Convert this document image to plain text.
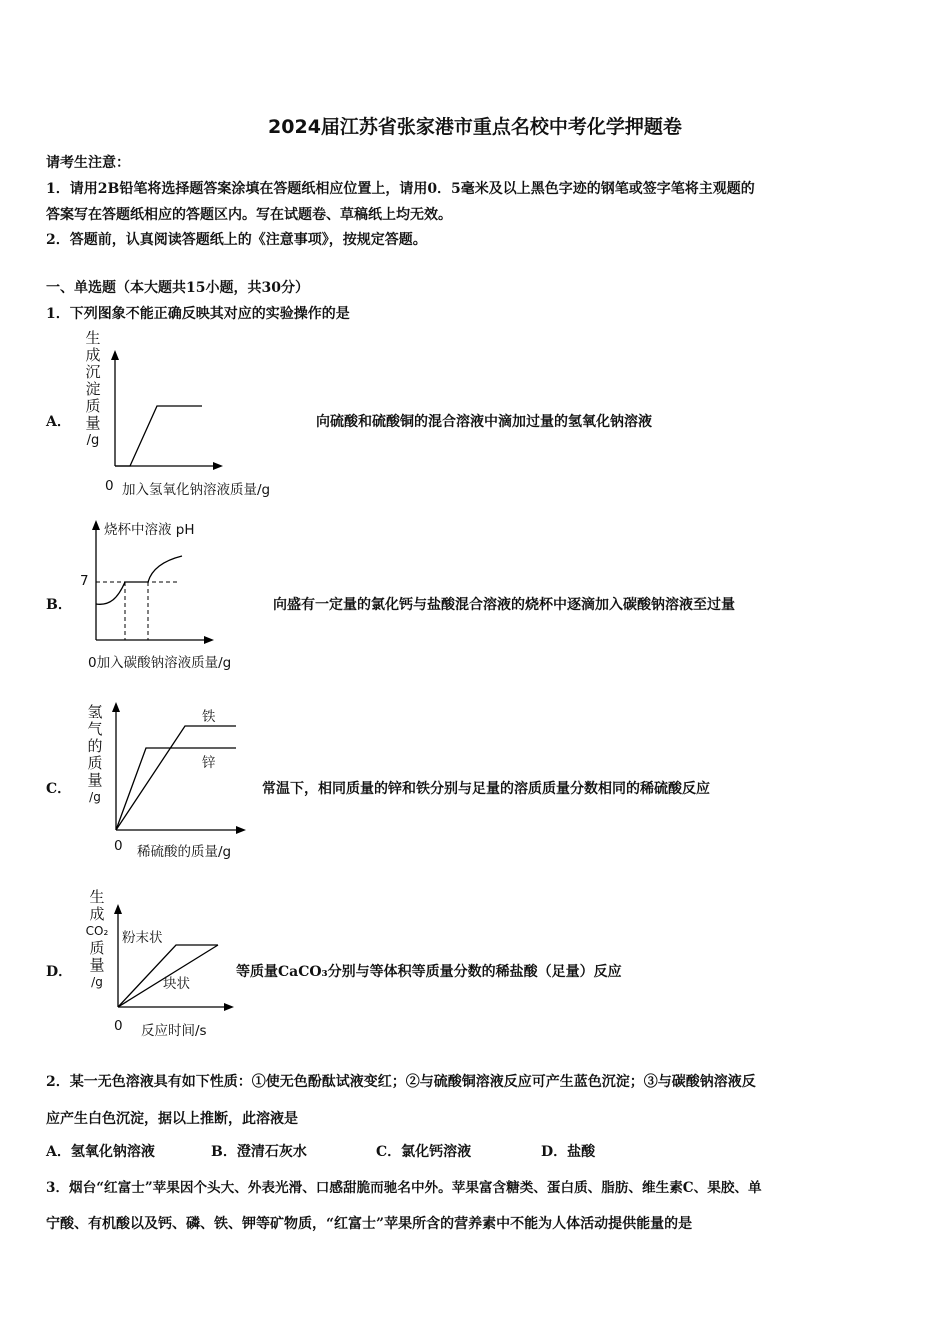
2024届江苏省张家港市重点名校中考化学押题卷
请考生注意：
1．请用2B铅笔将选择题答案涂填在答题纸相应位置上，请用0．5毫米及以上黑色字迹的钢笔或签字笔将主观题的
答案写在答题纸相应的答题区内。写在试题卷、草稿纸上均无效。
2．答题前，认真阅读答题纸上的《注意事项》，按规定答题。
一、单选题（本大题共15小题，共30分）
1．下列图象不能正确反映其对应的实验操作的是
A．
生
成
沉
淀
质
量
/g
0 加入氢氧化钠溶液质量/g
向硫酸和硫酸铜的混合溶液中滴加过量的氢氧化钠溶液
B．
烧杯中溶液 pH
7
0加入碳酸钠溶液质量/g
向盛有一定量的氯化钙与盐酸混合溶液的烧杯中逐滴加入碳酸钠溶液至过量
C．
氢
气
的
质
量
/g
铁
锌
0 稀硫酸的质量/g
常温下，相同质量的锌和铁分别与足量的溶质质量分数相同的稀硫酸反应
D．
生
成
CO₂
质
量
/g
粉末状
块状
0 反应时间/s
等质量CaCO₃分别与等体积等质量分数的稀盐酸（足量）反应
2．某一无色溶液具有如下性质：①使无色酚酞试液变红；②与硫酸铜溶液反应可产生蓝色沉淀；③与碳酸钠溶液反
应产生白色沉淀，据以上推断，此溶液是
A．氢氧化钠溶液	B．澄清石灰水	C．氯化钙溶液	D．盐酸
3．烟台“红富士”苹果因个头大、外表光滑、口感甜脆而驰名中外。苹果富含糖类、蛋白质、脂肪、维生素C、果胶、单
宁酸、有机酸以及钙、磷、铁、钾等矿物质，“红富士”苹果所含的营养素中不能为人体活动提供能量的是
